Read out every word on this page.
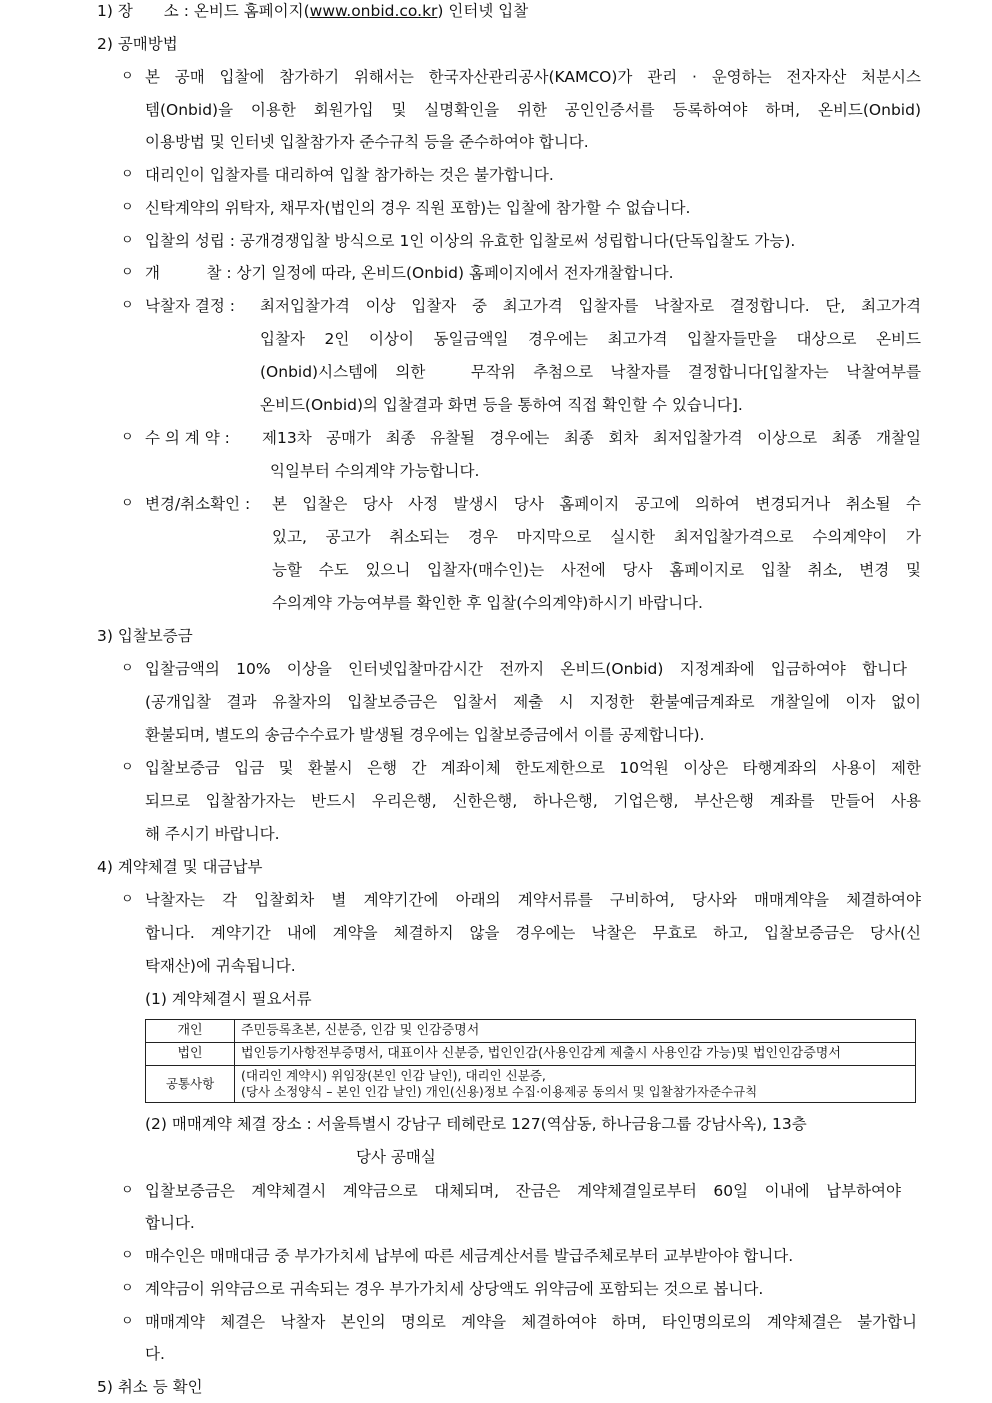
1) 장　　소 : 온비드 홈페이지(www.onbid.co.kr) 인터넷 입찰
2) 공매방법
ㅇ 본 공매 입찰에 참가하기 위해서는 한국자산관리공사(KAMCO)가 관리 · 운영하는 전자자산 처분시스
템(Onbid)을 이용한 회원가입 및 실명확인을 위한 공인인증서를 등록하여야 하며, 온비드(Onbid)
이용방법 및 인터넷 입찰참가자 준수규칙 등을 준수하여야 합니다.
ㅇ 대리인이 입찰자를 대리하여 입찰 참가하는 것은 불가합니다.
ㅇ 신탁계약의 위탁자, 채무자(법인의 경우 직원 포함)는 입찰에 참가할 수 없습니다.
ㅇ 입찰의 성립 : 공개경쟁입찰 방식으로 1인 이상의 유효한 입찰로써 성립합니다(단독입찰도 가능).
ㅇ 개　　　찰 : 상기 일정에 따라, 온비드(Onbid) 홈페이지에서 전자개찰합니다.
ㅇ 낙찰자 결정 : 최저입찰가격 이상 입찰자 중 최고가격 입찰자를 낙찰자로 결정합니다. 단, 최고가격
입찰자 2인 이상이 동일금액일 경우에는 최고가격 입찰자들만을 대상으로 온비드
(Onbid)시스템에 의한 　무작위 추첨으로 낙찰자를 결정합니다[입찰자는 낙찰여부를
온비드(Onbid)의 입찰결과 화면 등을 통하여 직접 확인할 수 있습니다].
ㅇ 수 의 계 약 : 제13차 공매가 최종 유찰될 경우에는 최종 회차 최저입찰가격 이상으로 최종 개찰일
익일부터 수의계약 가능합니다.
ㅇ 변경/취소확인 : 본 입찰은 당사 사정 발생시 당사 홈페이지 공고에 의하여 변경되거나 취소될 수
있고, 공고가 취소되는 경우 마지막으로 실시한 최저입찰가격으로 수의계약이 가
능할 수도 있으니 입찰자(매수인)는 사전에 당사 홈페이지로 입찰 취소, 변경 및
수의계약 가능여부를 확인한 후 입찰(수의계약)하시기 바랍니다.
3) 입찰보증금
ㅇ 입찰금액의 10% 이상을 인터넷입찰마감시간 전까지 온비드(Onbid) 지정계좌에 입금하여야 합니다
(공개입찰 결과 유찰자의 입찰보증금은 입찰서 제출 시 지정한 환불예금계좌로 개찰일에 이자 없이
환불되며, 별도의 송금수수료가 발생될 경우에는 입찰보증금에서 이를 공제합니다).
ㅇ 입찰보증금 입금 및 환불시 은행 간 계좌이체 한도제한으로 10억원 이상은 타행계좌의 사용이 제한
되므로 입찰참가자는 반드시 우리은행, 신한은행, 하나은행, 기업은행, 부산은행 계좌를 만들어 사용
해 주시기 바랍니다.
4) 계약체결 및 대금납부
ㅇ 낙찰자는 각 입찰회차 별 계약기간에 아래의 계약서류를 구비하여, 당사와 매매계약을 체결하여야
합니다. 계약기간 내에 계약을 체결하지 않을 경우에는 낙찰은 무효로 하고, 입찰보증금은 당사(신
탁재산)에 귀속됩니다.
(1) 계약체결시 필요서류
개인	주민등록초본, 신분증, 인감 및 인감증명서
법인	법인등기사항전부증명서, 대표이사 신분증, 법인인감(사용인감계 제출시 사용인감 가능)및 법인인감증명서
공통사항	(대리인 계약시) 위임장(본인 인감 날인), 대리인 신분증,
(당사 소정양식 – 본인 인감 날인) 개인(신용)정보 수집·이용제공 동의서 및 입찰참가자준수규칙
(2) 매매계약 체결 장소 : 서울특별시 강남구 테헤란로 127(역삼동, 하나금융그룹 강남사옥), 13층
당사 공매실
ㅇ 입찰보증금은 계약체결시 계약금으로 대체되며, 잔금은 계약체결일로부터 60일 이내에 납부하여야
합니다.
ㅇ 매수인은 매매대금 중 부가가치세 납부에 따른 세금계산서를 발급주체로부터 교부받아야 합니다.
ㅇ 계약금이 위약금으로 귀속되는 경우 부가가치세 상당액도 위약금에 포함되는 것으로 봅니다.
ㅇ 매매계약 체결은 낙찰자 본인의 명의로 계약을 체결하여야 하며, 타인명의로의 계약체결은 불가합니
다.
5) 취소 등 확인
